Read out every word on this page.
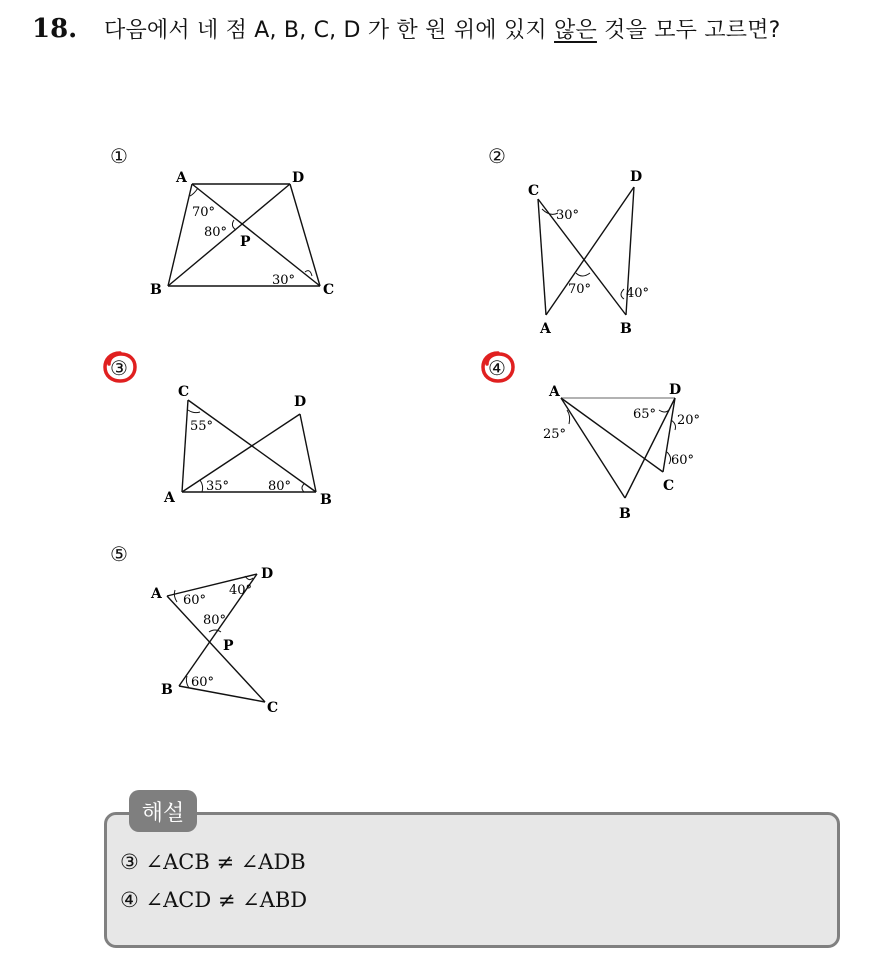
18. 다음에서 네 점 A, B, C, D 가 한 원 위에 있지 않은 것을 모두 고르면?
①
A	D
B	C
P
70°
80°
30°
②
C
D
A	B
30°
70°	40°
③
C
D
A	B
55°
35°	80°
④
A	D
B
C
65° 20°
25°
60°
⑤
A
D
B
C
P
60°
40°
80°
60°
해설
③ ∠ACB ≠ ∠ADB
④ ∠ACD ≠ ∠ABD
